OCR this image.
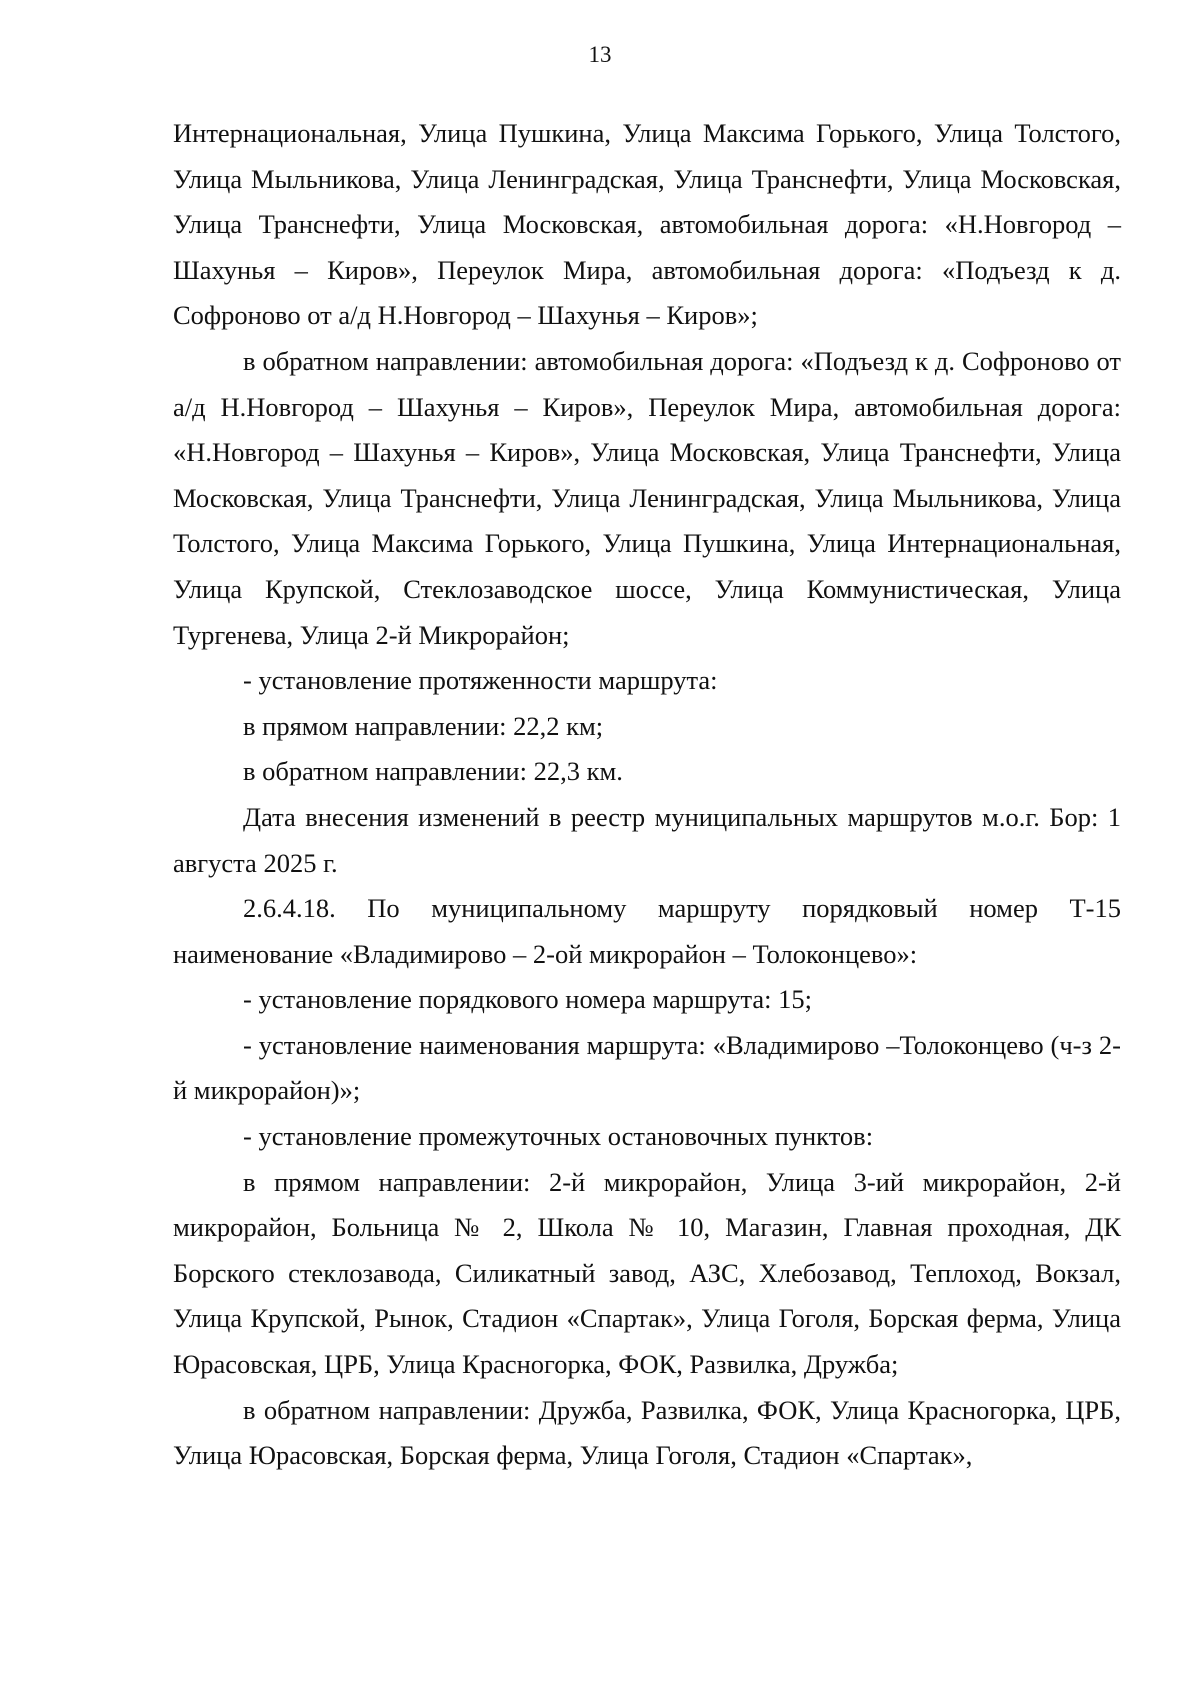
13

Интернациональная, Улица Пушкина, Улица Максима Горького, Улица Толстого, Улица Мыльникова, Улица Ленинградская, Улица Транснефти, Улица Московская, Улица Транснефти, Улица Московская, автомобильная дорога: «Н.Новгород – Шахунья – Киров», Переулок Мира, автомобильная дорога: «Подъезд к д. Софроново от а/д Н.Новгород – Шахунья – Киров»;

в обратном направлении: автомобильная дорога: «Подъезд к д. Софроново от а/д Н.Новгород – Шахунья – Киров», Переулок Мира, автомобильная дорога: «Н.Новгород – Шахунья – Киров», Улица Московская, Улица Транснефти, Улица Московская, Улица Транснефти, Улица Ленинградская, Улица Мыльникова, Улица Толстого, Улица Максима Горького, Улица Пушкина, Улица Интернациональная, Улица Крупской, Стеклозаводское шоссе, Улица Коммунистическая, Улица Тургенева, Улица 2-й Микрорайон;

- установление протяженности маршрута:

в прямом направлении: 22,2 км;

в обратном направлении: 22,3 км.

Дата внесения изменений в реестр муниципальных маршрутов м.о.г. Бор: 1 августа 2025 г.

2.6.4.18. По муниципальному маршруту порядковый номер Т-15 наименование «Владимирово – 2-ой микрорайон – Толоконцево»:

- установление порядкового номера маршрута: 15;

- установление наименования маршрута: «Владимирово –Толоконцево (ч-з 2-й микрорайон)»;

- установление промежуточных остановочных пунктов:

в прямом направлении: 2-й микрорайон, Улица 3-ий микрорайон, 2-й микрорайон, Больница № 2, Школа № 10, Магазин, Главная проходная, ДК Борского стеклозавода, Силикатный завод, АЗС, Хлебозавод, Теплоход, Вокзал, Улица Крупской, Рынок, Стадион «Спартак», Улица Гоголя, Борская ферма, Улица Юрасовская, ЦРБ, Улица Красногорка, ФОК, Развилка, Дружба;

в обратном направлении: Дружба, Развилка, ФОК, Улица Красногорка, ЦРБ, Улица Юрасовская, Борская ферма, Улица Гоголя, Стадион «Спартак»,
